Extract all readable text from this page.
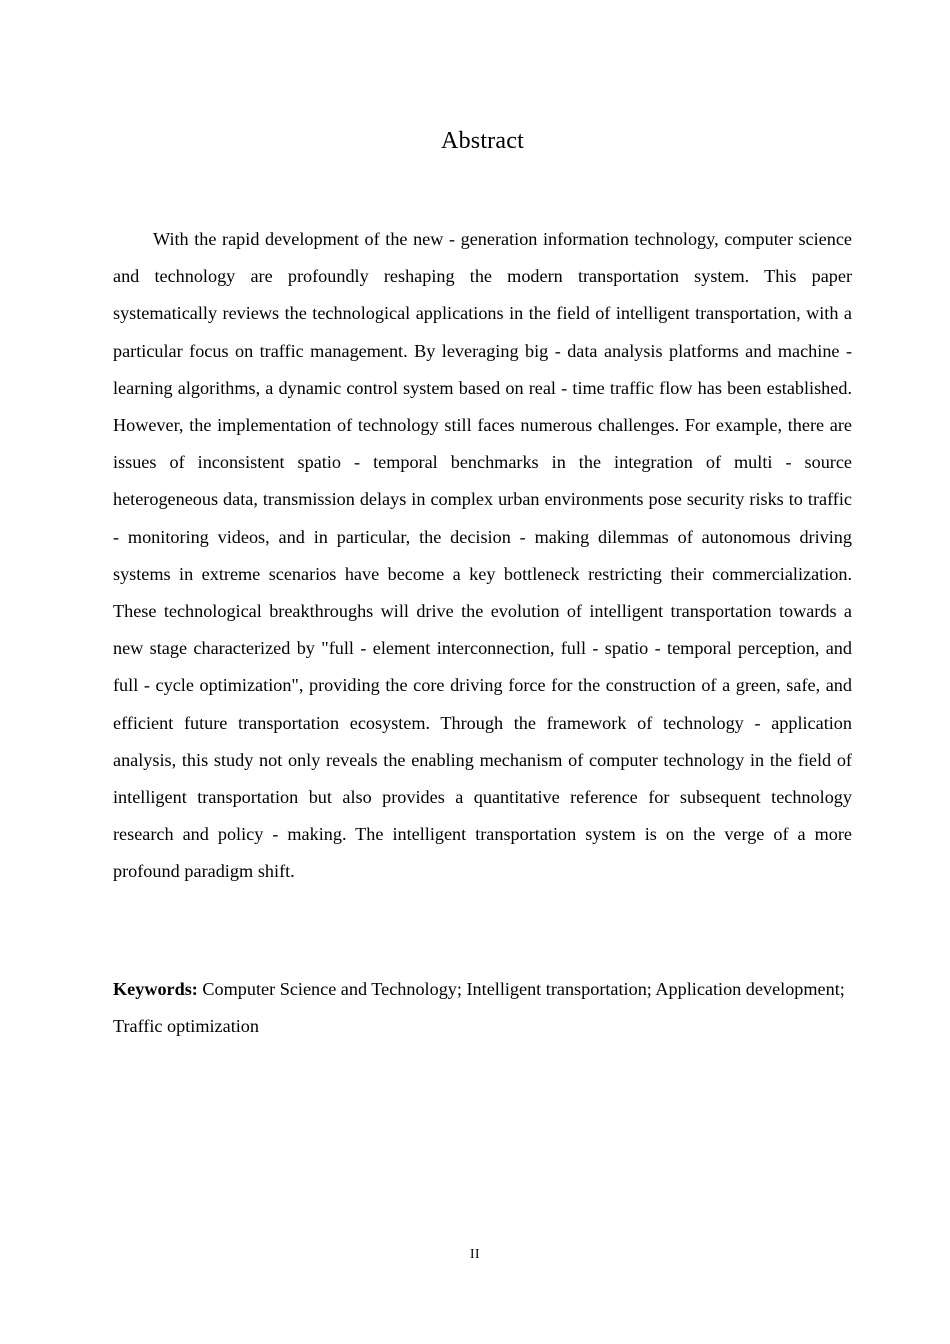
Abstract

With the rapid development of the new - generation information technology, computer science and technology are profoundly reshaping the modern transportation system. This paper systematically reviews the technological applications in the field of intelligent transportation, with a particular focus on traffic management. By leveraging big - data analysis platforms and machine - learning algorithms, a dynamic control system based on real - time traffic flow has been established. However, the implementation of technology still faces numerous challenges. For example, there are issues of inconsistent spatio - temporal benchmarks in the integration of multi - source heterogeneous data, transmission delays in complex urban environments pose security risks to traffic - monitoring videos, and in particular, the decision - making dilemmas of autonomous driving systems in extreme scenarios have become a key bottleneck restricting their commercialization. These technological breakthroughs will drive the evolution of intelligent transportation towards a new stage characterized by "full - element interconnection, full - spatio - temporal perception, and full - cycle optimization", providing the core driving force for the construction of a green, safe, and efficient future transportation ecosystem. Through the framework of technology - application analysis, this study not only reveals the enabling mechanism of computer technology in the field of intelligent transportation but also provides a quantitative reference for subsequent technology research and policy - making. The intelligent transportation system is on the verge of a more profound paradigm shift.

Keywords: Computer Science and Technology; Intelligent transportation; Application development; Traffic optimization

II
